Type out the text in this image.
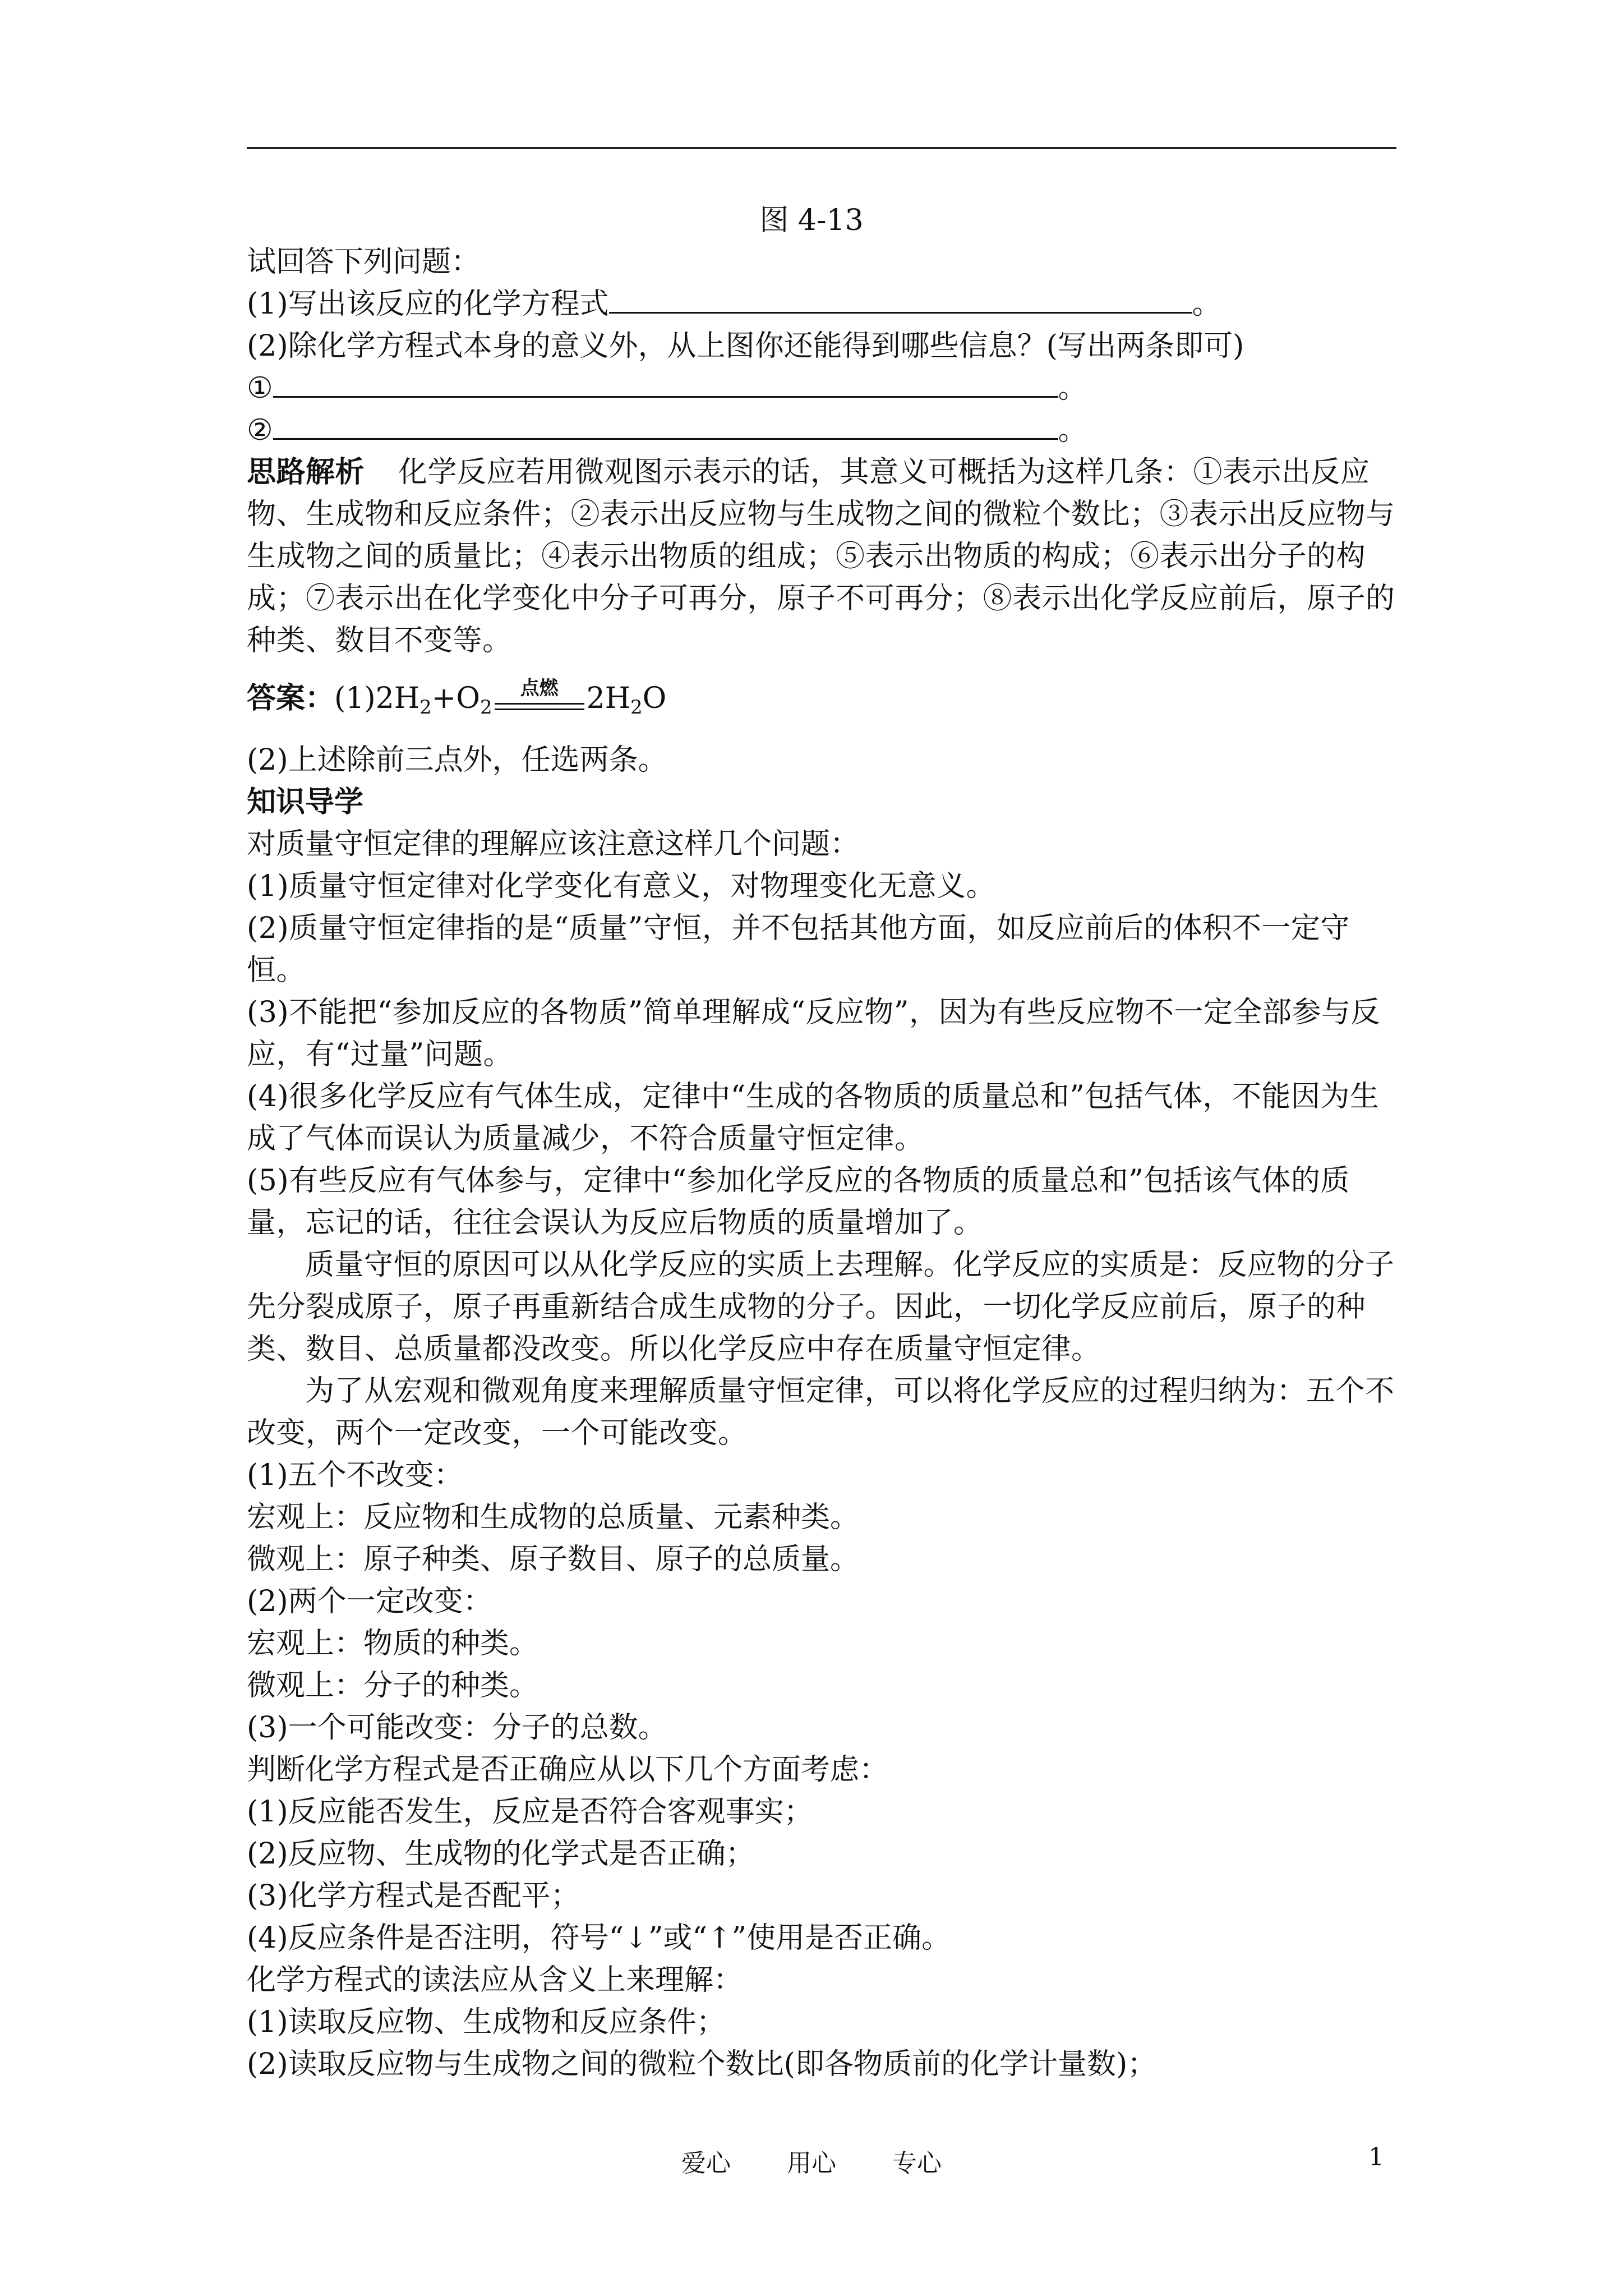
图 4-13
试回答下列问题：
(1)写出该反应的化学方程式	。
(2)除化学方程式本身的意义外，从上图你还能得到哪些信息？(写出两条即可)
①	。
②	。
思路解析 化学反应若用微观图示表示的话，其意义可概括为这样几条：①表示出反应物、生成物和反应条件；②表示出反应物与生成物之间的微粒个数比；③表示出反应物与生成物之间的质量比；④表示出物质的组成；⑤表示出物质的构成；⑥表示出分子的构成；⑦表示出在化学变化中分子可再分，原子不可再分；⑧表示出化学反应前后，原子的种类、数目不变等。
答案：$(1)2H_2+O_2$
点燃 $2H_2O$
(2)上述除前三点外，任选两条。
知识导学
对质量守恒定律的理解应该注意这样几个问题：
(1)质量守恒定律对化学变化有意义，对物理变化无意义。
(2)质量守恒定律指的是“质量”守恒，并不包括其他方面，如反应前后的体积不一定守恒。
(3)不能把“参加反应的各物质”简单理解成“反应物”，因为有些反应物不一定全部参与反应，有“过量”问题。
(4)很多化学反应有气体生成，定律中“生成的各物质的质量总和”包括气体，不能因为生成了气体而误认为质量减少，不符合质量守恒定律。
(5)有些反应有气体参与，定律中“参加化学反应的各物质的质量总和”包括该气体的质量，忘记的话，往往会误认为反应后物质的质量增加了。
质量守恒的原因可以从化学反应的实质上去理解。化学反应的实质是：反应物的分子先分裂成原子，原子再重新结合成生成物的分子。因此，一切化学反应前后，原子的种类、数目、总质量都没改变。所以化学反应中存在质量守恒定律。
为了从宏观和微观角度来理解质量守恒定律，可以将化学反应的过程归纳为：五个不改变，两个一定改变，一个可能改变。
(1)五个不改变：
宏观上：反应物和生成物的总质量、元素种类。
微观上：原子种类、原子数目、原子的总质量。
(2)两个一定改变：
宏观上：物质的种类。
微观上：分子的种类。
(3)一个可能改变：分子的总数。
判断化学方程式是否正确应从以下几个方面考虑：
(1)反应能否发生，反应是否符合客观事实；
(2)反应物、生成物的化学式是否正确；
(3)化学方程式是否配平；
(4)反应条件是否注明，符号“↓”或“↑”使用是否正确。
化学方程式的读法应从含义上来理解：
(1)读取反应物、生成物和反应条件；
(2)读取反应物与生成物之间的微粒个数比(即各物质前的化学计量数)；
爱心 用心 专心	1
